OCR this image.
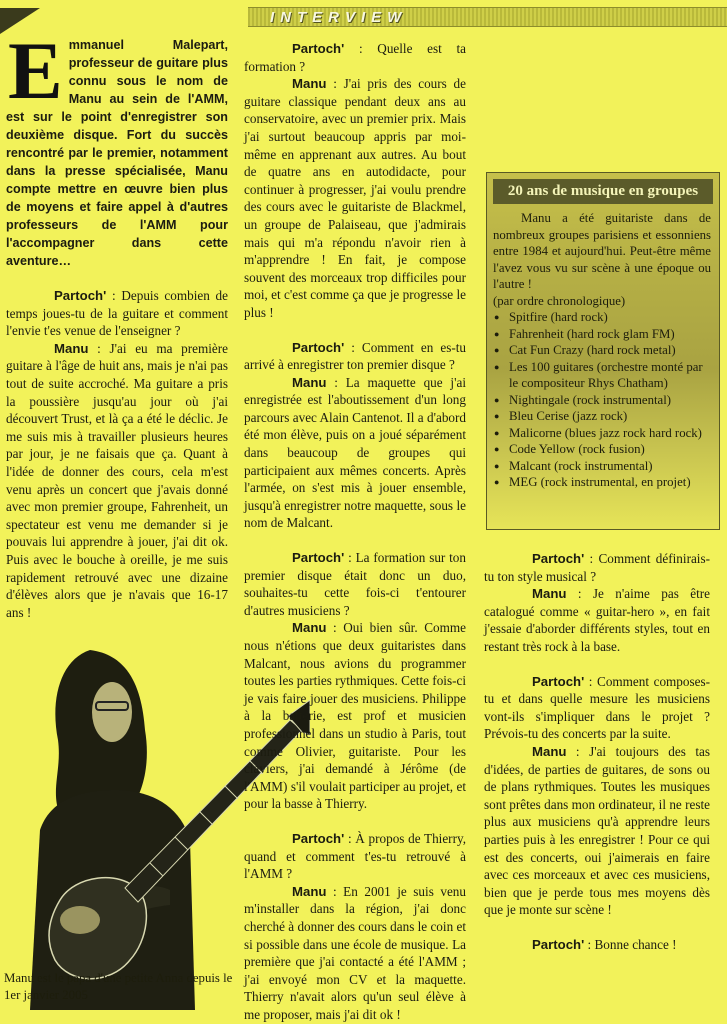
INTERVIEW

Emmanuel Malepart, professeur de guitare plus connu sous le nom de Manu au sein de l'AMM, est sur le point d'enregistrer son deuxième disque. Fort du succès rencontré par le premier, notamment dans la presse spécialisée, Manu compte mettre en œuvre bien plus de moyens et faire appel à d'autres professeurs de l'AMM pour l'accompagner dans cette aventure…

Partoch' : Depuis combien de temps joues-tu de la guitare et comment l'envie t'es venue de l'enseigner ?

Manu : J'ai eu ma première guitare à l'âge de huit ans, mais je n'ai pas tout de suite accroché. Ma guitare a pris la poussière jusqu'au jour où j'ai découvert Trust, et là ça a été le déclic. Je me suis mis à travailler plusieurs heures par jour, je ne faisais que ça. Quant à l'idée de donner des cours, cela m'est venu après un concert que j'avais donné avec mon premier groupe, Fahrenheit, un spectateur est venu me demander si je pouvais lui apprendre à jouer, j'ai dit ok. Puis avec le bouche à oreille, je me suis rapidement retrouvé avec une dizaine d'élèves alors que je n'avais que 16-17 ans !

Manu est le papa d'une petite Anna depuis le 1er janvier 2005

Partoch' : Quelle est ta formation ?

Manu : J'ai pris des cours de guitare classique pendant deux ans au conservatoire, avec un premier prix. Mais j'ai surtout beaucoup appris par moi-même en apprenant aux autres. Au bout de quatre ans en autodidacte, pour continuer à progresser, j'ai voulu prendre des cours avec le guitariste de Blackmel, un groupe de Palaiseau, que j'admirais mais qui m'a répondu n'avoir rien à m'apprendre ! En fait, je compose souvent des morceaux trop difficiles pour moi, et c'est comme ça que je progresse le plus !

Partoch' : Comment en es-tu arrivé à enregistrer ton premier disque ?

Manu : La maquette que j'ai enregistrée est l'aboutissement d'un long parcours avec Alain Cantenot. Il a d'abord été mon élève, puis on a joué séparément dans beaucoup de groupes qui participaient aux mêmes concerts. Après l'armée, on s'est mis à jouer ensemble, jusqu'à enregistrer notre maquette, sous le nom de Malcant.

Partoch' : La formation sur ton premier disque était donc un duo, souhaites-tu cette fois-ci t'entourer d'autres musiciens ?

Manu : Oui bien sûr. Comme nous n'étions que deux guitaristes dans Malcant, nous avions du programmer toutes les parties rythmiques. Cette fois-ci je vais faire jouer des musiciens. Philippe à la batterie, est prof et musicien professionnel dans un studio à Paris, tout comme Olivier, guitariste. Pour les claviers, j'ai demandé à Jérôme (de l'AMM) s'il voulait participer au projet, et pour la basse à Thierry.

Partoch' : À propos de Thierry, quand et comment t'es-tu retrouvé à l'AMM ?

Manu : En 2001 je suis venu m'installer dans la région, j'ai donc cherché à donner des cours dans le coin et si possible dans une école de musique. La première que j'ai contacté a été l'AMM ; j'ai envoyé mon CV et la maquette. Thierry n'avait alors qu'un seul élève à me proposer, mais j'ai dit ok !

20 ans de musique en groupes

Manu a été guitariste dans de nombreux groupes parisiens et essonniens entre 1984 et aujourd'hui. Peut-être même l'avez vous vu sur scène à une époque ou l'autre !

(par ordre chronologique)
● Spitfire (hard rock)
● Fahrenheit (hard rock glam FM)
● Cat Fun Crazy (hard rock metal)
● Les 100 guitares (orchestre monté par le compositeur Rhys Chatham)
● Nightingale (rock instrumental)
● Bleu Cerise (jazz rock)
● Malicorne (blues jazz rock hard rock)
● Code Yellow (rock fusion)
● Malcant (rock instrumental)
● MEG (rock instrumental, en projet)

Partoch' : Comment définirais-tu ton style musical ?

Manu : Je n'aime pas être catalogué comme « guitar-hero », en fait j'essaie d'aborder différents styles, tout en restant très rock à la base.

Partoch' : Comment composes-tu et dans quelle mesure les musiciens vont-ils s'impliquer dans le projet ? Prévois-tu des concerts par la suite.

Manu : J'ai toujours des tas d'idées, de parties de guitares, de sons ou de plans rythmiques. Toutes les musiques sont prêtes dans mon ordinateur, il ne reste plus aux musiciens qu'à apprendre leurs parties puis à les enregistrer ! Pour ce qui est des concerts, oui j'aimerais en faire avec ces morceaux et avec ces musiciens, bien que je perde tous mes moyens dès que je monte sur scène !

Partoch' : Bonne chance !
